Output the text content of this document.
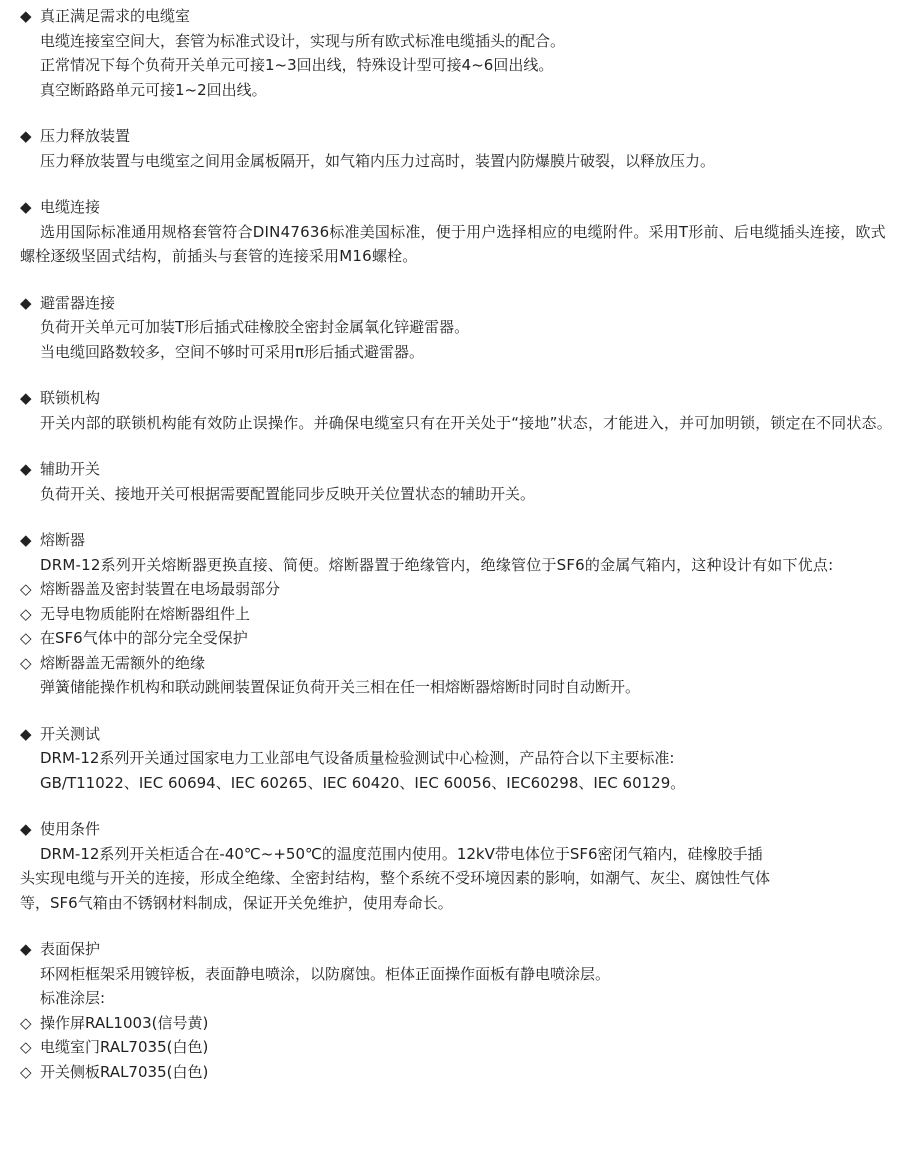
◆ 真正满足需求的电缆室
电缆连接室空间大，套管为标准式设计，实现与所有欧式标准电缆插头的配合。
正常情况下每个负荷开关单元可接1~3回出线，特殊设计型可接4~6回出线。
真空断路路单元可接1~2回出线。
◆ 压力释放装置
压力释放装置与电缆室之间用金属板隔开，如气箱内压力过高时，装置内防爆膜片破裂，以释放压力。
◆ 电缆连接
选用国际标准通用规格套管符合DIN47636标准美国标准，便于用户选择相应的电缆附件。采用T形前、后电缆插头连接，欧式螺栓逐级坚固式结构，前插头与套管的连接采用M16螺栓。
◆ 避雷器连接
负荷开关单元可加装T形后插式硅橡胶全密封金属氧化锌避雷器。
当电缆回路数较多，空间不够时可采用π形后插式避雷器。
◆ 联锁机构
开关内部的联锁机构能有效防止误操作。并确保电缆室只有在开关处于“接地”状态，才能进入，并可加明锁，锁定在不同状态。
◆ 辅助开关
负荷开关、接地开关可根据需要配置能同步反映开关位置状态的辅助开关。
◆ 熔断器
DRM-12系列开关熔断器更换直接、简便。熔断器置于绝缘管内，绝缘管位于SF6的金属气箱内，这种设计有如下优点:
◇ 熔断器盖及密封装置在电场最弱部分
◇ 无导电物质能附在熔断器组件上
◇ 在SF6气体中的部分完全受保护
◇ 熔断器盖无需额外的绝缘
弹簧储能操作机构和联动跳闸装置保证负荷开关三相在任一相熔断器熔断时同时自动断开。
◆ 开关测试
DRM-12系列开关通过国家电力工业部电气设备质量检验测试中心检测，产品符合以下主要标准:
GB/T11022、IEC 60694、IEC 60265、IEC 60420、IEC 60056、IEC60298、IEC 60129。
◆ 使用条件
DRM-12系列开关柜适合在-40℃~+50℃的温度范围内使用。12kV带电体位于SF6密闭气箱内，硅橡胶手插
头实现电缆与开关的连接，形成全绝缘、全密封结构，整个系统不受环境因素的影响，如潮气、灰尘、腐蚀性气体
等，SF6气箱由不锈钢材料制成，保证开关免维护，使用寿命长。
◆ 表面保护
环网柜框架采用镀锌板，表面静电喷涂，以防腐蚀。柜体正面操作面板有静电喷涂层。
标准涂层:
◇ 操作屏RAL1003(信号黄)
◇ 电缆室门RAL7035(白色)
◇ 开关侧板RAL7035(白色)
